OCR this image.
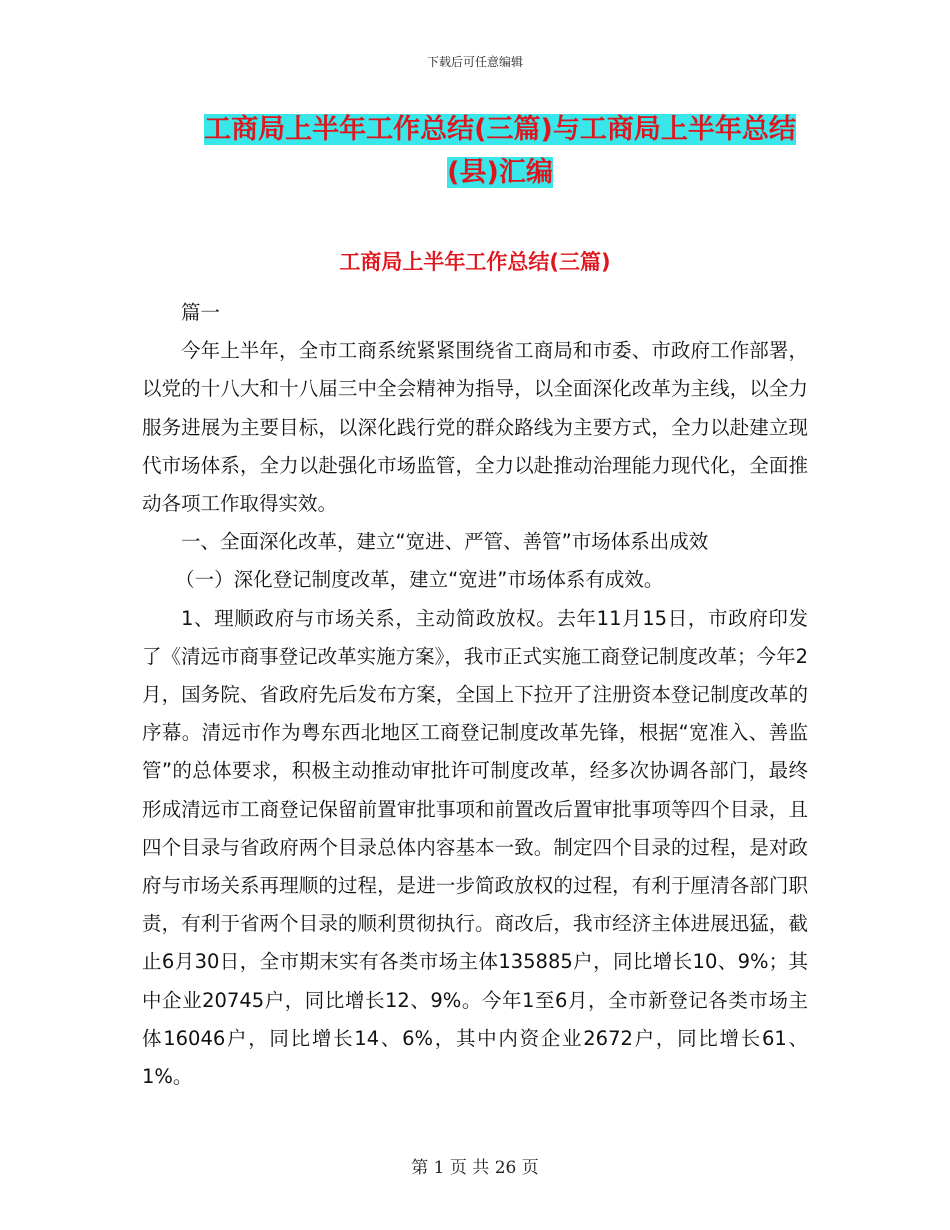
下载后可任意编辑
工商局上半年工作总结(三篇)与工商局上半年总结
(县)汇编
工商局上半年工作总结(三篇)

篇一

今年上半年，全市工商系统紧紧围绕省工商局和市委、市政府工作部署，以党的十八大和十八届三中全会精神为指导，以全面深化改革为主线，以全力服务进展为主要目标，以深化践行党的群众路线为主要方式，全力以赴建立现代市场体系，全力以赴强化市场监管，全力以赴推动治理能力现代化，全面推动各项工作取得实效。

一、全面深化改革，建立“宽进、严管、善管”市场体系出成效

（一）深化登记制度改革，建立“宽进”市场体系有成效。

1、理顺政府与市场关系，主动简政放权。去年11月15日，市政府印发了《清远市商事登记改革实施方案》，我市正式实施工商登记制度改革；今年2月，国务院、省政府先后发布方案，全国上下拉开了注册资本登记制度改革的序幕。清远市作为粤东西北地区工商登记制度改革先锋，根据“宽准入、善监管”的总体要求，积极主动推动审批许可制度改革，经多次协调各部门，最终形成清远市工商登记保留前置审批事项和前置改后置审批事项等四个目录，且四个目录与省政府两个目录总体内容基本一致。制定四个目录的过程，是对政府与市场关系再理顺的过程，是进一步简政放权的过程，有利于厘清各部门职责，有利于省两个目录的顺利贯彻执行。商改后，我市经济主体进展迅猛，截止6月30日，全市期末实有各类市场主体135885户，同比增长10、9%；其中企业20745户，同比增长12、9%。今年1至6月，全市新登记各类市场主体16046户，同比增长14、6%，其中内资企业2672户，同比增长61、1%。

第 1 页 共 26 页
